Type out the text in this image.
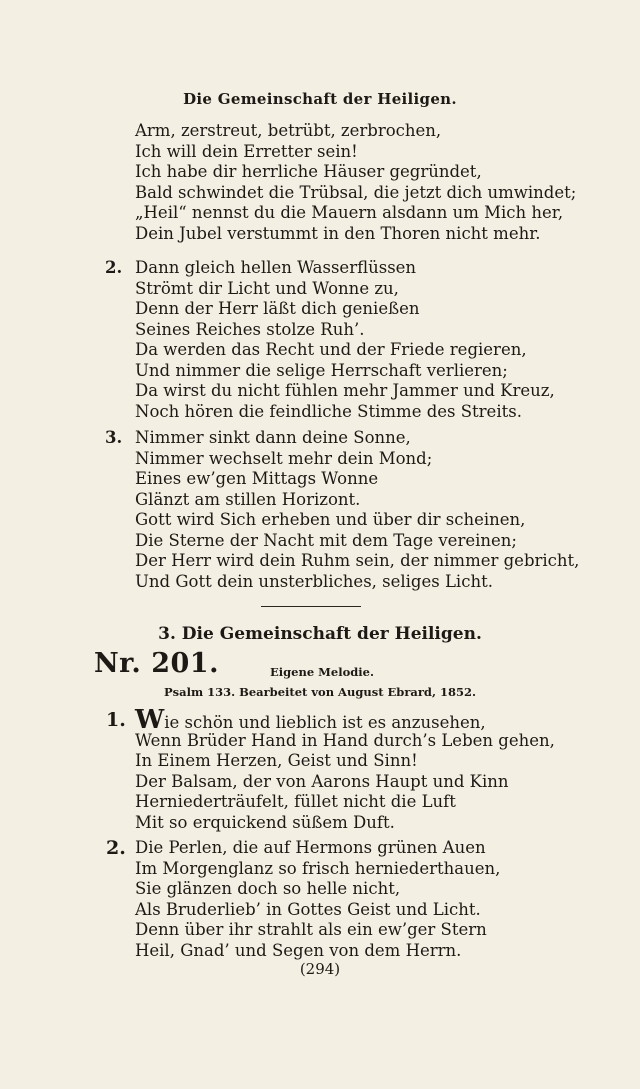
Die Gemeinschaft der Heiligen.
Arm, zerstreut, betrübt, zerbrochen,
Ich will dein Erretter sein!
Ich habe dir herrliche Häuser gegründet,
Bald schwindet die Trübsal, die jetzt dich umwindet;
„Heil“ nennst du die Mauern alsdann um Mich her,
Dein Jubel verstummt in den Thoren nicht mehr.
2. Dann gleich hellen Wasserflüssen
Strömt dir Licht und Wonne zu,
Denn der Herr läßt dich genießen
Seines Reiches stolze Ruh’.
Da werden das Recht und der Friede regieren,
Und nimmer die selige Herrschaft verlieren;
Da wirst du nicht fühlen mehr Jammer und Kreuz,
Noch hören die feindliche Stimme des Streits.
3. Nimmer sinkt dann deine Sonne,
Nimmer wechselt mehr dein Mond;
Eines ew’gen Mittags Wonne
Glänzt am stillen Horizont.
Gott wird Sich erheben und über dir scheinen,
Die Sterne der Nacht mit dem Tage vereinen;
Der Herr wird dein Ruhm sein, der nimmer gebricht,
Und Gott dein unsterbliches, seliges Licht.
3. Die Gemeinschaft der Heiligen.
Nr. 201.	Eigene Melodie.
Psalm 133. Bearbeitet von August Ebrard, 1852.
1. Wie schön und lieblich ist es anzusehen,
Wenn Brüder Hand in Hand durch’s Leben gehen,
In Einem Herzen, Geist und Sinn!
Der Balsam, der von Aarons Haupt und Kinn
Herniederträufelt, füllet nicht die Luft
Mit so erquickend süßem Duft.
2. Die Perlen, die auf Hermons grünen Auen
Im Morgenglanz so frisch herniederthauen,
Sie glänzen doch so helle nicht,
Als Bruderlieb’ in Gottes Geist und Licht.
Denn über ihr strahlt als ein ew’ger Stern
Heil, Gnad’ und Segen von dem Herrn.
(294)
